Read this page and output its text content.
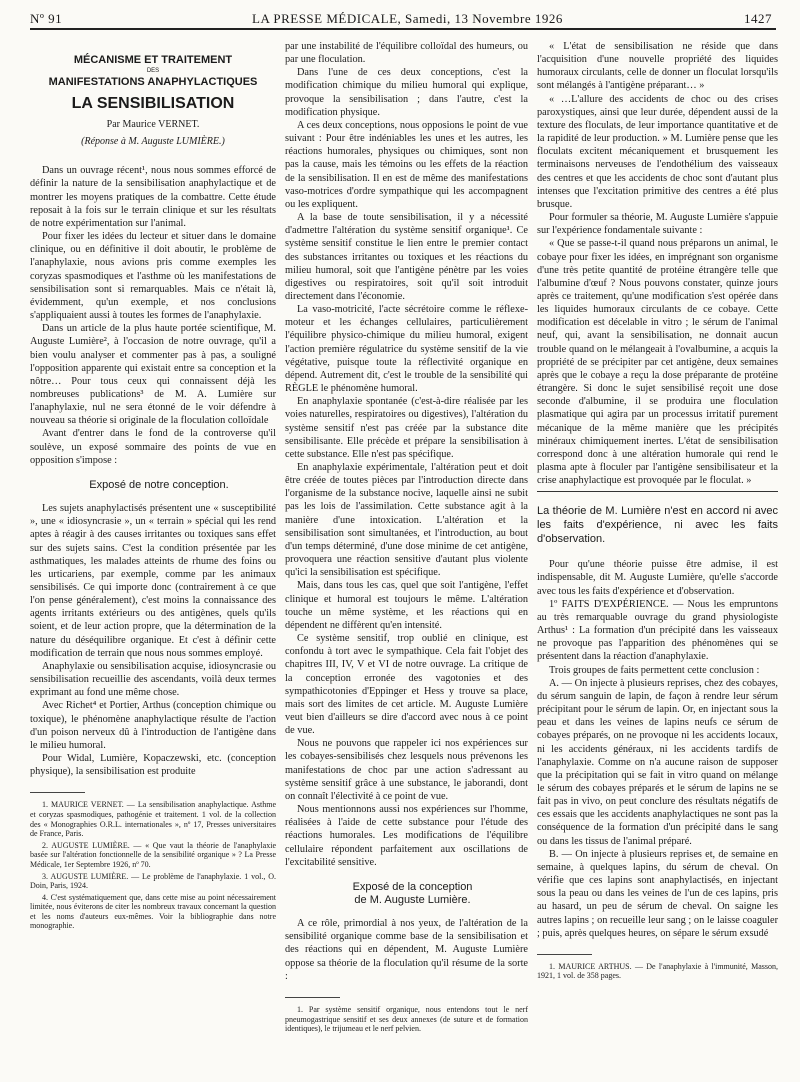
Nº 91	LA PRESSE MÉDICALE, Samedi, 13 Novembre 1926	1427

MÉCANISME ET TRAITEMENT

DES

MANIFESTATIONS ANAPHYLACTIQUES

LA SENSIBILISATION

Par Maurice VERNET.

(Réponse à M. Auguste LUMIÈRE.)

Dans un ouvrage récent¹, nous nous sommes efforcé de définir la nature de la sensibilisation anaphylactique et de montrer les moyens pratiques de la combattre. Cette étude reposait à la fois sur le terrain clinique et sur les résultats de notre expérimentation sur l'animal.

Pour fixer les idées du lecteur et situer dans le domaine clinique, ou en définitive il doit aboutir, le problème de l'anaphylaxie, nous avions pris comme exemples les coryzas spasmodiques et l'asthme où les manifestations de sensibilisation sont si remarquables. Mais ce n'était là, évidemment, qu'un exemple, et nos conclusions s'appliquaient aussi à toutes les formes de l'anaphylaxie.

Dans un article de la plus haute portée scientifique, M. Auguste Lumière², à l'occasion de notre ouvrage, qu'il a bien voulu analyser et commenter pas à pas, a souligné l'opposition apparente qui existait entre sa conception et la nôtre… Pour tous ceux qui connaissent déjà les nombreuses publications³ de M. A. Lumière sur l'anaphylaxie, nul ne sera étonné de le voir défendre à nouveau sa théorie si originale de la floculation colloïdale

Avant d'entrer dans le fond de la controverse qu'il soulève, un exposé sommaire des points de vue en opposition s'impose :

Exposé de notre conception.

Les sujets anaphylactisés présentent une « susceptibilité », une « idiosyncrasie », un « terrain » spécial qui les rend aptes à réagir à des causes irritantes ou toxiques sans effet sur des sujets sains. C'est la condition présentée par les asthmatiques, les malades atteints de rhume des foins ou les urticariens, par exemple, comme par les animaux sensibilisés. Ce qui importe donc (contrairement à ce que l'on pense généralement), c'est moins la connaissance des agents irritants extérieurs ou des antigènes, quels qu'ils soient, et de leur action propre, que la détermination de la nature du déséquilibre organique. Et c'est à définir cette modification de terrain que nous nous sommes employé.

Anaphylaxie ou sensibilisation acquise, idiosyncrasie ou sensibilisation recueillie des ascendants, voilà deux termes exprimant au fond une même chose.

Avec Richet⁴ et Portier, Arthus (conception chimique ou toxique), le phénomène anaphylactique résulte de l'action d'un poison nerveux dû à l'introduction de l'antigène dans le milieu humoral.

Pour Widal, Lumière, Kopaczewski, etc. (conception physique), la sensibilisation est produite

1. MAURICE VERNET. — La sensibilisation anaphylactique. Asthme et coryzas spasmodiques, pathogénie et traitement. 1 vol. de la collection des « Monographies O.R.L. internationales », nº 17, Presses universitaires de France, Paris.

2. AUGUSTE LUMIÈRE. — « Que vaut la théorie de l'anaphylaxie basée sur l'altération fonctionnelle de la sensibilité organique » ? La Presse Médicale, 1er Septembre 1926, nº 70.

3. AUGUSTE LUMIÈRE. — Le problème de l'anaphylaxie. 1 vol., O. Doin, Paris, 1924.

4. C'est systématiquement que, dans cette mise au point nécessairement limitée, nous éviterons de citer les nombreux travaux concernant la question et les noms d'auteurs eux-mêmes. Voir la bibliographie dans notre monographie.

par une instabilité de l'équilibre colloïdal des humeurs, ou par une floculation.

Dans l'une de ces deux conceptions, c'est la modification chimique du milieu humoral qui explique, provoque la sensibilisation ; dans l'autre, c'est la modification physique.

A ces deux conceptions, nous opposions le point de vue suivant : Pour être indéniables les unes et les autres, les réactions humorales, physiques ou chimiques, sont non pas la cause, mais les témoins ou les effets de la réaction de la sensibilisation. Il en est de même des manifestations vaso-motrices d'ordre sympathique qui les accompagnent ou les expliquent.

A la base de toute sensibilisation, il y a nécessité d'admettre l'altération du système sensitif organique¹. Ce système sensitif constitue le lien entre le premier contact des substances irritantes ou toxiques et les réactions du milieu humoral, soit que l'antigène pénètre par les voies digestives ou respiratoires, soit qu'il soit introduit directement dans l'économie.

La vaso-motricité, l'acte sécrétoire comme le réflexe-moteur et les échanges cellulaires, particulièrement l'équilibre physico-chimique du milieu humoral, exigent l'action première régulatrice du système sensitif de la vie végétative, puisque toute la réflectivité organique en dépend. Autrement dit, c'est le trouble de la sensibilité qui RÈGLE le phénomène humoral.

En anaphylaxie spontanée (c'est-à-dire réalisée par les voies naturelles, respiratoires ou digestives), l'altération du système sensitif n'est pas créée par la substance dite sensibilisante. Elle précède et prépare la sensibilisation à cette substance. Elle n'est pas spécifique.

En anaphylaxie expérimentale, l'altération peut et doit être créée de toutes pièces par l'introduction directe dans l'organisme de la substance nocive, laquelle ainsi ne subit pas les lois de l'assimilation. Cette substance agit à la manière d'une intoxication. L'altération et la sensibilisation sont simultanées, et l'introduction, au bout d'un temps déterminé, d'une dose minime de cet antigène, provoquera une réaction sensitive d'autant plus violente qu'ici la sensibilisation est spécifique.

Mais, dans tous les cas, quel que soit l'antigène, l'effet clinique et humoral est toujours le même. L'altération touche un même système, et les réactions qui en dépendent ne diffèrent qu'en intensité.

Ce système sensitif, trop oublié en clinique, est confondu à tort avec le sympathique. Cela fait l'objet des chapitres III, IV, V et VI de notre ouvrage. La critique de la conception erronée des vagotonies et des sympathicotonies d'Eppinger et Hess y trouve sa place, mais sort des limites de cet article. M. Auguste Lumière veut bien d'ailleurs se dire d'accord avec nous à ce point de vue.

Nous ne pouvons que rappeler ici nos expériences sur les cobayes-sensibilisés chez lesquels nous prévenons les manifestations de choc par une action s'adressant au système sensitif grâce à une substance, le jaborandi, dont on connaît l'électivité à ce point de vue.

Nous mentionnons aussi nos expériences sur l'homme, réalisées à l'aide de cette substance pour l'étude des réactions humorales. Les modifications de l'équilibre cellulaire répondent parfaitement aux oscillations de l'excitabilité sensitive.

Exposé de la conception

de M. Auguste Lumière.

A ce rôle, primordial à nos yeux, de l'altération de la sensibilité organique comme base de la sensibilisation et des réactions qui en dépendent, M. Auguste Lumière oppose sa théorie de la floculation qu'il résume de la sorte :

1. Par système sensitif organique, nous entendons tout le nerf pneumogastrique sensitif et ses deux annexes (de suture et de formation identiques), le trijumeau et le nerf pelvien.

« L'état de sensibilisation ne réside que dans l'acquisition d'une nouvelle propriété des liquides humoraux circulants, celle de donner un floculat lorsqu'ils sont mélangés à l'antigène préparant… »

« …L'allure des accidents de choc ou des crises paroxystiques, ainsi que leur durée, dépendent aussi de la texture des floculats, de leur importance quantitative et de la rapidité de leur production. » M. Lumière pense que les floculats excitent mécaniquement et brusquement les terminaisons nerveuses de l'endothélium des vaisseaux des centres et que les accidents de choc sont d'autant plus intenses que l'excitation primitive des centres a été plus brusque.

Pour formuler sa théorie, M. Auguste Lumière s'appuie sur l'expérience fondamentale suivante :

« Que se passe-t-il quand nous préparons un animal, le cobaye pour fixer les idées, en imprégnant son organisme d'une très petite quantité de protéine étrangère telle que l'albumine d'œuf ? Nous pouvons constater, quinze jours après ce traitement, qu'une modification s'est opérée dans les liquides humoraux circulants de ce cobaye. Cette modification est décelable in vitro ; le sérum de l'animal neuf, qui, avant la sensibilisation, ne donnait aucun trouble quand on le mélangeait à l'ovalbumine, a acquis la propriété de se précipiter par cet antigène, deux semaines après que le cobaye a reçu la dose préparante de protéine étrangère. Si donc le sujet sensibilisé reçoit une dose seconde d'albumine, il se produira une floculation plasmatique qui agira par un processus irritatif purement mécanique de la même manière que les précipités minéraux chimiquement inertes. L'état de sensibilisation correspond donc à une altération humorale qui rend le plasma apte à floculer par l'antigène sensibilisateur et la crise anaphylactique est provoquée par le floculat. »

La théorie de M. Lumière n'est en accord ni avec les faits d'expérience, ni avec les faits d'observation.

Pour qu'une théorie puisse être admise, il est indispensable, dit M. Auguste Lumière, qu'elle s'accorde avec tous les faits d'expérience et d'observation.

1º FAITS D'EXPÉRIENCE. — Nous les empruntons au très remarquable ouvrage du grand physiologiste Arthus¹ : La formation d'un précipité dans les vaisseaux ne provoque pas l'apparition des phénomènes qui se présentent dans la réaction d'anaphylaxie.

Trois groupes de faits permettent cette conclusion :

A. — On injecte à plusieurs reprises, chez des cobayes, du sérum sanguin de lapin, de façon à rendre leur sérum précipitant pour le sérum de lapin. Or, en injectant sous la peau et dans les veines de lapins neufs ce sérum de cobayes préparés, on ne provoque ni les accidents locaux, ni les accidents généraux, ni les accidents tardifs de l'anaphylaxie. Comme on n'a aucune raison de supposer que la précipitation qui se fait in vitro quand on mélange le sérum des cobayes préparés et le sérum de lapins ne se fait pas in vivo, on peut conclure des résultats négatifs de ces essais que les accidents anaphylactiques ne sont pas la conséquence de la formation d'un précipité dans le sang ou dans les tissus de l'animal préparé.

B. — On injecte à plusieurs reprises et, de semaine en semaine, à quelques lapins, du sérum de cheval. On vérifie que ces lapins sont anaphylactisés, en injectant sous la peau ou dans les veines de l'un de ces lapins, pris au hasard, un peu de sérum de cheval. On saigne les autres lapins ; on recueille leur sang ; on le laisse coaguler ; puis, après quelques heures, on sépare le sérum exsudé

1. MAURICE ARTHUS. — De l'anaphylaxie à l'immunité, Masson, 1921, 1 vol. de 358 pages.
